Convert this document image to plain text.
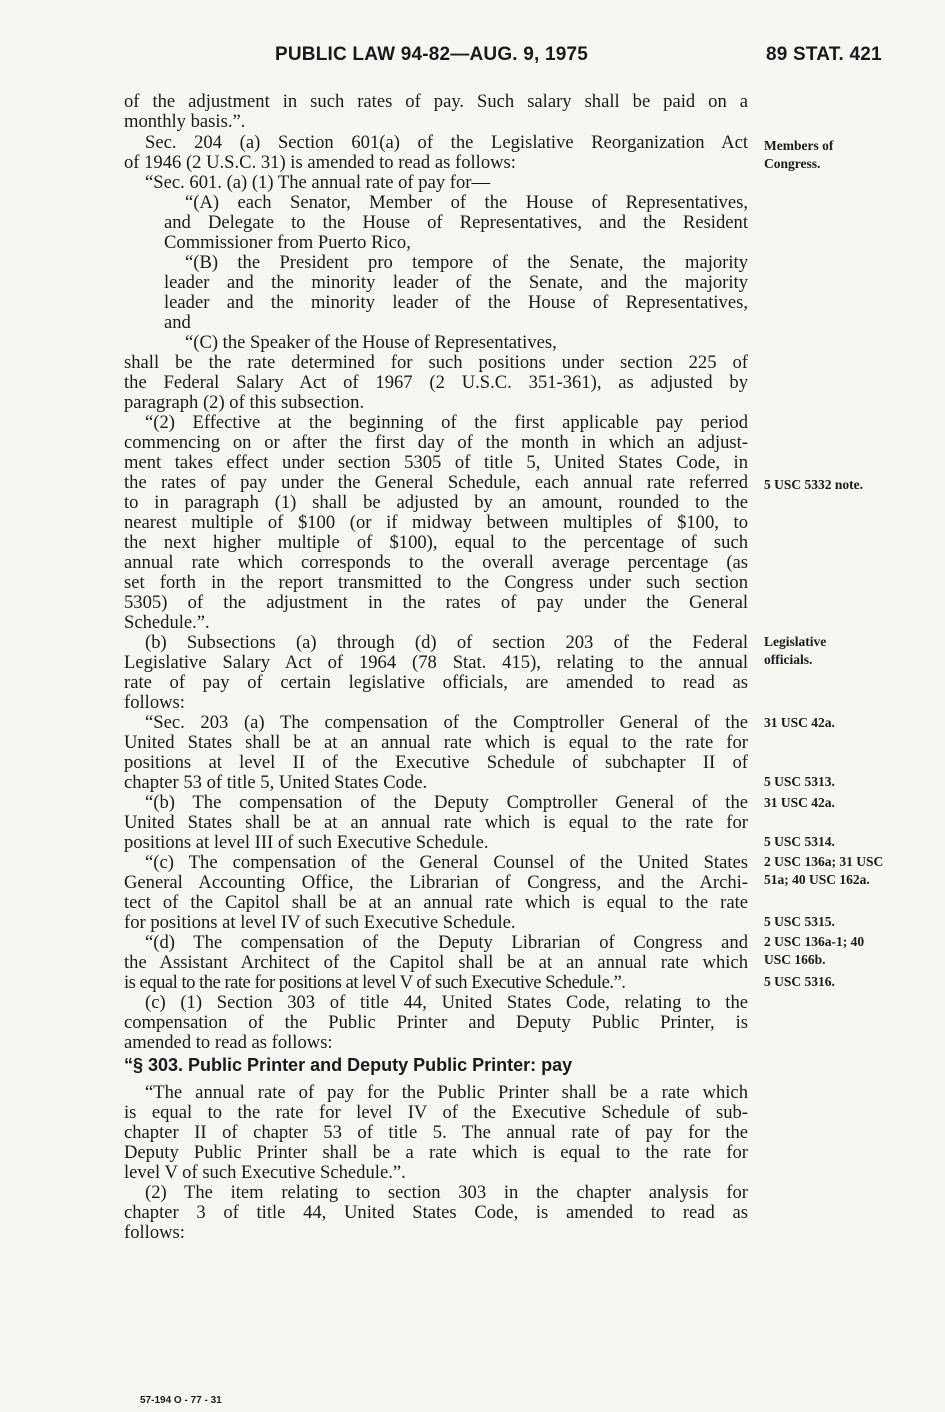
PUBLIC LAW 94-82—AUG. 9, 1975	89 STAT. 421
of the adjustment in such rates of pay. Such salary shall be paid on a
monthly basis.”.
Sec. 204 (a) Section 601(a) of the Legislative Reorganization Act
of 1946 (2 U.S.C. 31) is amended to read as follows:
“Sec. 601. (a) (1) The annual rate of pay for—
“(A) each Senator, Member of the House of Representatives,
and Delegate to the House of Representatives, and the Resident
Commissioner from Puerto Rico,
“(B) the President pro tempore of the Senate, the majority
leader and the minority leader of the Senate, and the majority
leader and the minority leader of the House of Representatives,
and
“(C) the Speaker of the House of Representatives,
shall be the rate determined for such positions under section 225 of
the Federal Salary Act of 1967 (2 U.S.C. 351-361), as adjusted by
paragraph (2) of this subsection.
“(2) Effective at the beginning of the first applicable pay period
commencing on or after the first day of the month in which an adjust-
ment takes effect under section 5305 of title 5, United States Code, in
the rates of pay under the General Schedule, each annual rate referred
to in paragraph (1) shall be adjusted by an amount, rounded to the
nearest multiple of $100 (or if midway between multiples of $100, to
the next higher multiple of $100), equal to the percentage of such
annual rate which corresponds to the overall average percentage (as
set forth in the report transmitted to the Congress under such section
5305) of the adjustment in the rates of pay under the General
Schedule.”.
(b) Subsections (a) through (d) of section 203 of the Federal
Legislative Salary Act of 1964 (78 Stat. 415), relating to the annual
rate of pay of certain legislative officials, are amended to read as
follows:
“Sec. 203 (a) The compensation of the Comptroller General of the
United States shall be at an annual rate which is equal to the rate for
positions at level II of the Executive Schedule of subchapter II of
chapter 53 of title 5, United States Code.
“(b) The compensation of the Deputy Comptroller General of the
United States shall be at an annual rate which is equal to the rate for
positions at level III of such Executive Schedule.
“(c) The compensation of the General Counsel of the United States
General Accounting Office, the Librarian of Congress, and the Archi-
tect of the Capitol shall be at an annual rate which is equal to the rate
for positions at level IV of such Executive Schedule.
“(d) The compensation of the Deputy Librarian of Congress and
the Assistant Architect of the Capitol shall be at an annual rate which
is equal to the rate for positions at level V of such Executive Schedule.”.
(c) (1) Section 303 of title 44, United States Code, relating to the
compensation of the Public Printer and Deputy Public Printer, is
amended to read as follows:
“§ 303. Public Printer and Deputy Public Printer: pay
“The annual rate of pay for the Public Printer shall be a rate which
is equal to the rate for level IV of the Executive Schedule of sub-
chapter II of chapter 53 of title 5. The annual rate of pay for the
Deputy Public Printer shall be a rate which is equal to the rate for
level V of such Executive Schedule.”.
(2) The item relating to section 303 in the chapter analysis for
chapter 3 of title 44, United States Code, is amended to read as
follows:
Members of Congress.
5 USC 5332 note.
Legislative officials.
31 USC 42a.
5 USC 5313.
31 USC 42a.
5 USC 5314.
2 USC 136a; 31 USC 51a; 40 USC 162a.
5 USC 5315.
2 USC 136a-1; 40 USC 166b.
5 USC 5316.
57-194 O - 77 - 31
